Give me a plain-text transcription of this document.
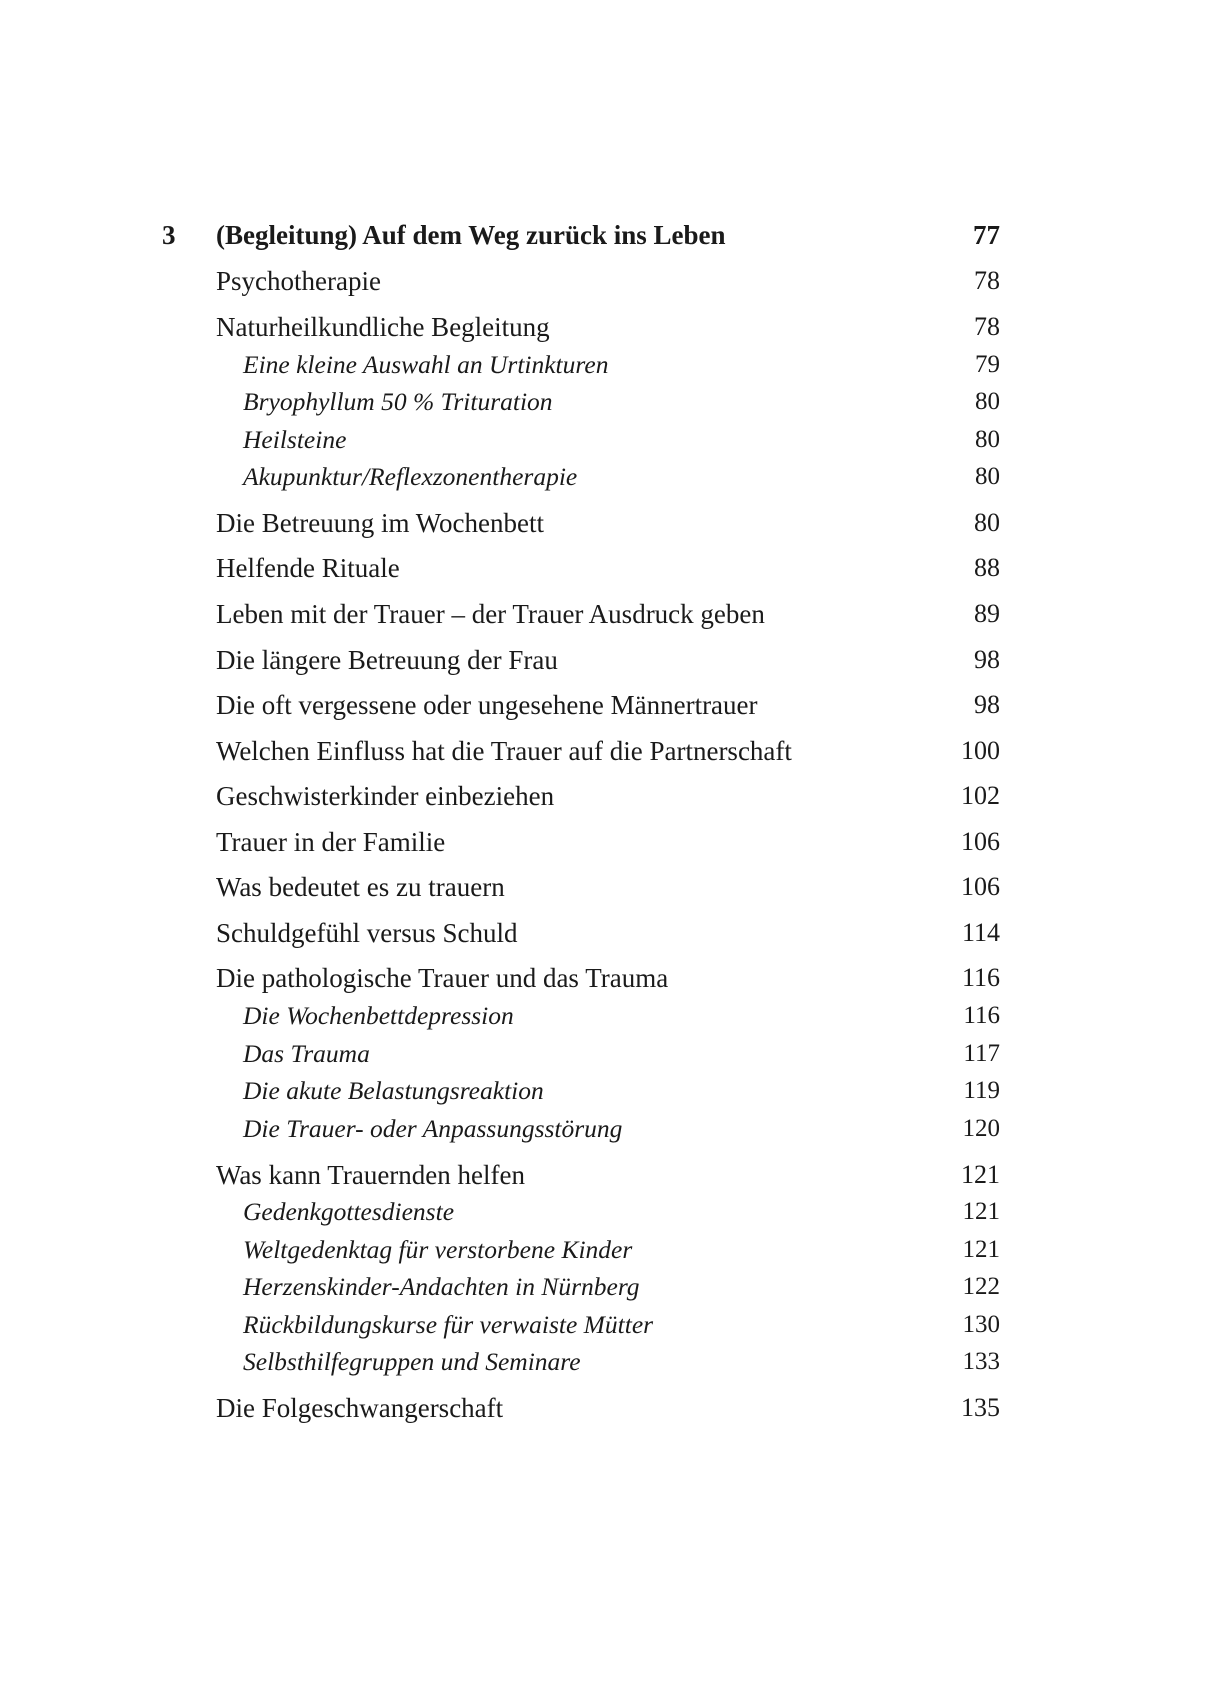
3 (Begleitung) Auf dem Weg zurück ins Leben	77
Psychotherapie	78
Naturheilkundliche Begleitung	78
Eine kleine Auswahl an Urtinkturen	79
Bryophyllum 50 % Trituration	80
Heilsteine	80
Akupunktur/Reflexzonentherapie	80
Die Betreuung im Wochenbett	80
Helfende Rituale	88
Leben mit der Trauer – der Trauer Ausdruck geben	89
Die längere Betreuung der Frau	98
Die oft vergessene oder ungesehene Männertrauer	98
Welchen Einfluss hat die Trauer auf die Partnerschaft	100
Geschwisterkinder einbeziehen	102
Trauer in der Familie	106
Was bedeutet es zu trauern	106
Schuldgefühl versus Schuld	114
Die pathologische Trauer und das Trauma	116
Die Wochenbettdepression	116
Das Trauma	117
Die akute Belastungsreaktion	119
Die Trauer- oder Anpassungsstörung	120
Was kann Trauernden helfen	121
Gedenkgottesdienste	121
Weltgedenktag für verstorbene Kinder	121
Herzenskinder-Andachten in Nürnberg	122
Rückbildungskurse für verwaiste Mütter	130
Selbsthilfegruppen und Seminare	133
Die Folgeschwangerschaft	135
